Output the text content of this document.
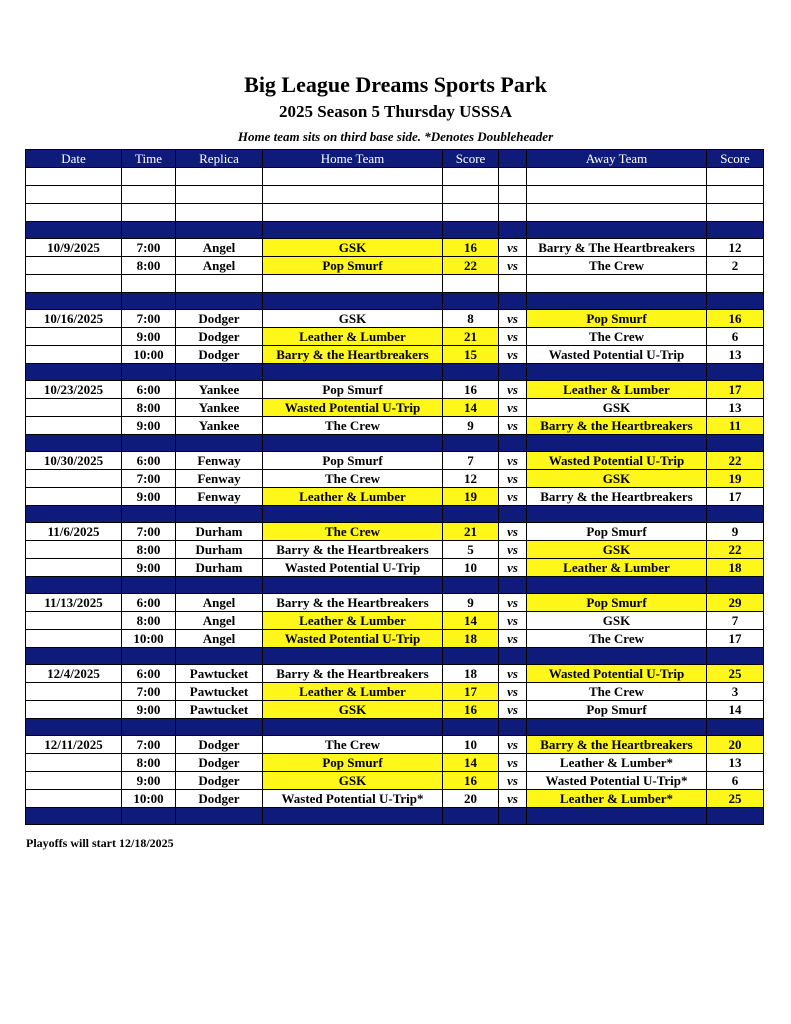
Big League Dreams Sports Park
2025 Season 5 Thursday USSSA
Home team sits on third base side. *Denotes Doubleheader
Date	Time	Replica	Home Team	Score		Away Team	Score

10/9/2025	7:00	Angel	GSK	16	vs	Barry & The Heartbreakers	12
	8:00	Angel	Pop Smurf	22	vs	The Crew	2

10/16/2025	7:00	Dodger	GSK	8	vs	Pop Smurf	16
	9:00	Dodger	Leather & Lumber	21	vs	The Crew	6
	10:00	Dodger	Barry & the Heartbreakers	15	vs	Wasted Potential U-Trip	13

10/23/2025	6:00	Yankee	Pop Smurf	16	vs	Leather & Lumber	17
	8:00	Yankee	Wasted Potential U-Trip	14	vs	GSK	13
	9:00	Yankee	The Crew	9	vs	Barry & the Heartbreakers	11

10/30/2025	6:00	Fenway	Pop Smurf	7	vs	Wasted Potential U-Trip	22
	7:00	Fenway	The Crew	12	vs	GSK	19
	9:00	Fenway	Leather & Lumber	19	vs	Barry & the Heartbreakers	17

11/6/2025	7:00	Durham	The Crew	21	vs	Pop Smurf	9
	8:00	Durham	Barry & the Heartbreakers	5	vs	GSK	22
	9:00	Durham	Wasted Potential U-Trip	10	vs	Leather & Lumber	18

11/13/2025	6:00	Angel	Barry & the Heartbreakers	9	vs	Pop Smurf	29
	8:00	Angel	Leather & Lumber	14	vs	GSK	7
	10:00	Angel	Wasted Potential U-Trip	18	vs	The Crew	17

12/4/2025	6:00	Pawtucket	Barry & the Heartbreakers	18	vs	Wasted Potential U-Trip	25
	7:00	Pawtucket	Leather & Lumber	17	vs	The Crew	3
	9:00	Pawtucket	GSK	16	vs	Pop Smurf	14

12/11/2025	7:00	Dodger	The Crew	10	vs	Barry & the Heartbreakers	20
	8:00	Dodger	Pop Smurf	14	vs	Leather & Lumber*	13
	9:00	Dodger	GSK	16	vs	Wasted Potential U-Trip*	6
	10:00	Dodger	Wasted Potential U-Trip*	20	vs	Leather & Lumber*	25

Playoffs will start 12/18/2025
